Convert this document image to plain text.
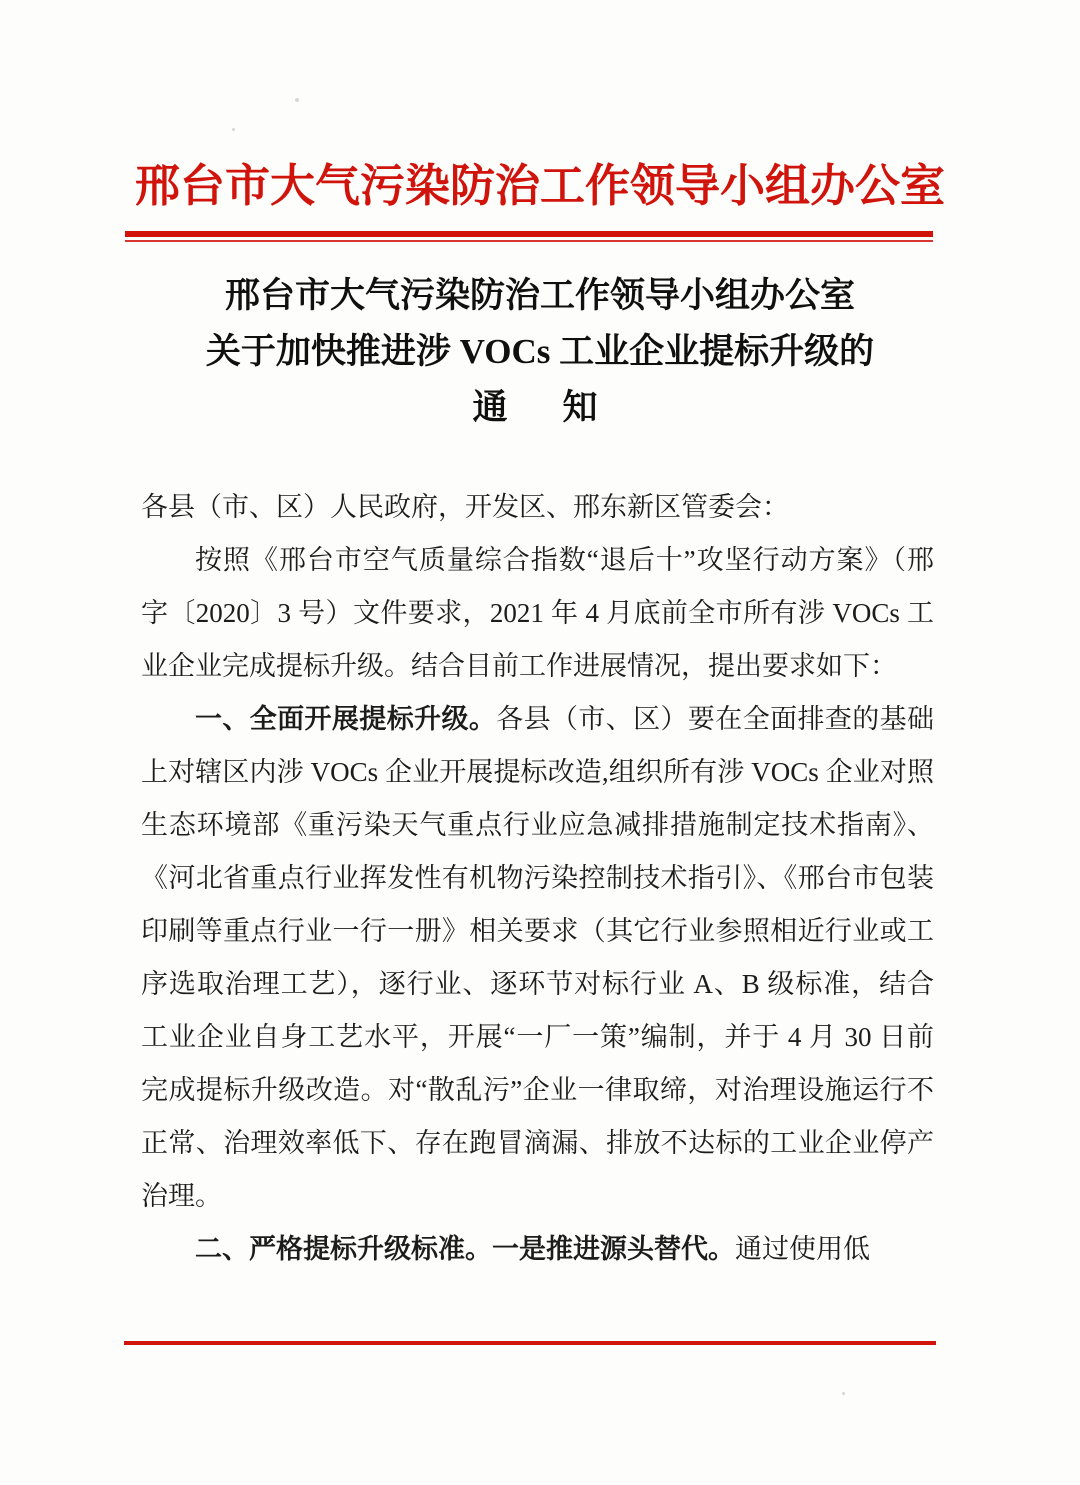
邢台市大气污染防治工作领导小组办公室
邢台市大气污染防治工作领导小组办公室
关于加快推进涉 VOCs 工业企业提标升级的
通　知

各县（市、区）人民政府，开发区、邢东新区管委会：

按照《邢台市空气质量综合指数“退后十”攻坚行动方案》（邢字〔2020〕3 号）文件要求，2021 年 4 月底前全市所有涉 VOCs 工业企业完成提标升级。结合目前工作进展情况，提出要求如下：

一、全面开展提标升级。各县（市、区）要在全面排查的基础上对辖区内涉 VOCs 企业开展提标改造,组织所有涉 VOCs 企业对照生态环境部《重污染天气重点行业应急减排措施制定技术指南》、《河北省重点行业挥发性有机物污染控制技术指引》、《邢台市包装印刷等重点行业一行一册》相关要求（其它行业参照相近行业或工序选取治理工艺），逐行业、逐环节对标行业 A、B 级标准，结合工业企业自身工艺水平，开展“一厂一策”编制，并于 4 月 30 日前完成提标升级改造。对“散乱污”企业一律取缔，对治理设施运行不正常、治理效率低下、存在跑冒滴漏、排放不达标的工业企业停产治理。

二、严格提标升级标准。一是推进源头替代。通过使用低
